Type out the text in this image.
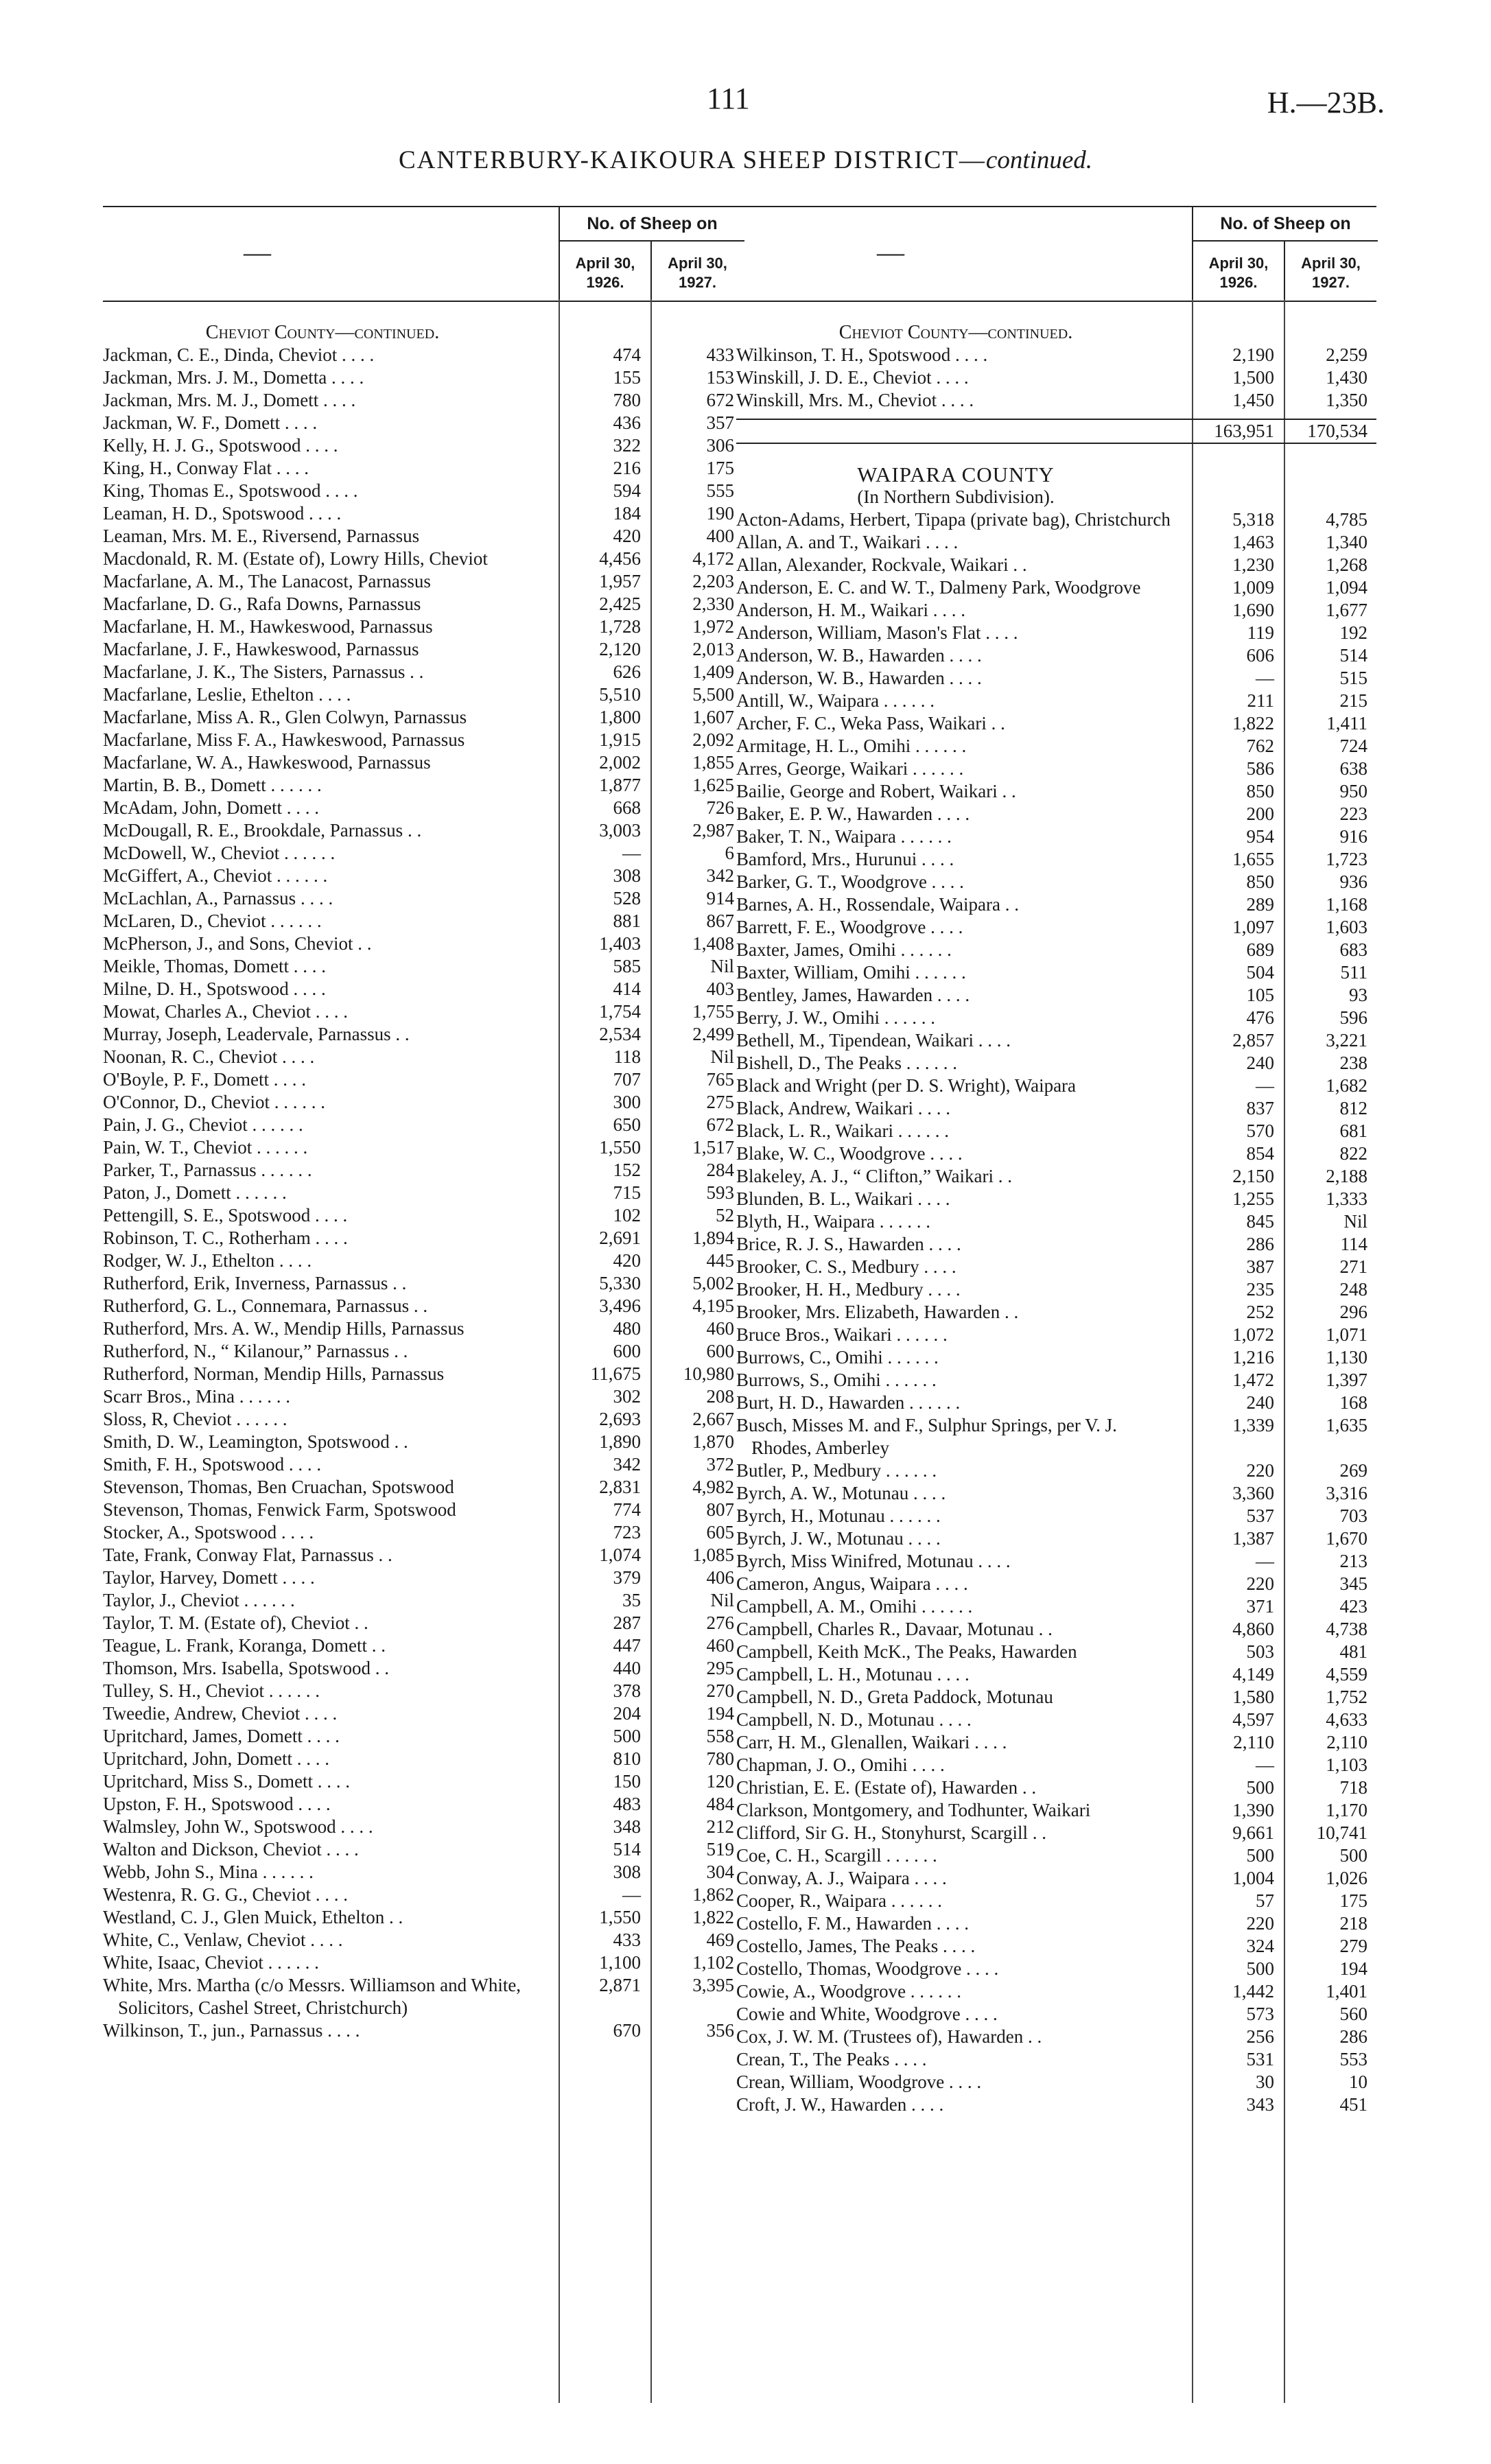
111	H.—23B.
CANTERBURY-KAIKOURA SHEEP DISTRICT—continued.
—
No. of Sheep on
April 30, 1926.
April 30, 1927.
Cheviot County—continued.
Jackman, C. E., Dinda, Cheviot . . . .	474	433
Jackman, Mrs. J. M., Dometta . . . .	155	153
Jackman, Mrs. M. J., Domett . . . .	780	672
Jackman, W. F., Domett . . . .	436	357
Kelly, H. J. G., Spotswood . . . .	322	306
King, H., Conway Flat . . . .	216	175
King, Thomas E., Spotswood . . . .	594	555
Leaman, H. D., Spotswood . . . .	184	190
Leaman, Mrs. M. E., Riversend, Parnassus	420	400
Macdonald, R. M. (Estate of), Lowry Hills, Cheviot	4,456	4,172
Macfarlane, A. M., The Lanacost, Parnassus	1,957	2,203
Macfarlane, D. G., Rafa Downs, Parnassus	2,425	2,330
Macfarlane, H. M., Hawkeswood, Parnassus	1,728	1,972
Macfarlane, J. F., Hawkeswood, Parnassus	2,120	2,013
Macfarlane, J. K., The Sisters, Parnassus . .	626	1,409
Macfarlane, Leslie, Ethelton . . . .	5,510	5,500
Macfarlane, Miss A. R., Glen Colwyn, Parnassus	1,800	1,607
Macfarlane, Miss F. A., Hawkeswood, Parnassus	1,915	2,092
Macfarlane, W. A., Hawkeswood, Parnassus	2,002	1,855
Martin, B. B., Domett . . . . . .	1,877	1,625
McAdam, John, Domett . . . .	668	726
McDougall, R. E., Brookdale, Parnassus . .	3,003	2,987
McDowell, W., Cheviot . . . . . .	—	6
McGiffert, A., Cheviot . . . . . .	308	342
McLachlan, A., Parnassus . . . .	528	914
McLaren, D., Cheviot . . . . . .	881	867
McPherson, J., and Sons, Cheviot . .	1,403	1,408
Meikle, Thomas, Domett . . . .	585	Nil
Milne, D. H., Spotswood . . . .	414	403
Mowat, Charles A., Cheviot . . . .	1,754	1,755
Murray, Joseph, Leadervale, Parnassus . .	2,534	2,499
Noonan, R. C., Cheviot . . . .	118	Nil
O'Boyle, P. F., Domett . . . .	707	765
O'Connor, D., Cheviot . . . . . .	300	275
Pain, J. G., Cheviot . . . . . .	650	672
Pain, W. T., Cheviot . . . . . .	1,550	1,517
Parker, T., Parnassus . . . . . .	152	284
Paton, J., Domett . . . . . .	715	593
Pettengill, S. E., Spotswood . . . .	102	52
Robinson, T. C., Rotherham . . . .	2,691	1,894
Rodger, W. J., Ethelton . . . .	420	445
Rutherford, Erik, Inverness, Parnassus . .	5,330	5,002
Rutherford, G. L., Connemara, Parnassus . .	3,496	4,195
Rutherford, Mrs. A. W., Mendip Hills, Parnassus	480	460
Rutherford, N., “ Kilanour,” Parnassus . .	600	600
Rutherford, Norman, Mendip Hills, Parnassus	11,675	10,980
Scarr Bros., Mina . . . . . .	302	208
Sloss, R, Cheviot . . . . . .	2,693	2,667
Smith, D. W., Leamington, Spotswood . .	1,890	1,870
Smith, F. H., Spotswood . . . .	342	372
Stevenson, Thomas, Ben Cruachan, Spotswood	2,831	4,982
Stevenson, Thomas, Fenwick Farm, Spotswood	774	807
Stocker, A., Spotswood . . . .	723	605
Tate, Frank, Conway Flat, Parnassus . .	1,074	1,085
Taylor, Harvey, Domett . . . .	379	406
Taylor, J., Cheviot . . . . . .	35	Nil
Taylor, T. M. (Estate of), Cheviot . .	287	276
Teague, L. Frank, Koranga, Domett . .	447	460
Thomson, Mrs. Isabella, Spotswood . .	440	295
Tulley, S. H., Cheviot . . . . . .	378	270
Tweedie, Andrew, Cheviot . . . .	204	194
Upritchard, James, Domett . . . .	500	558
Upritchard, John, Domett . . . .	810	780
Upritchard, Miss S., Domett . . . .	150	120
Upston, F. H., Spotswood . . . .	483	484
Walmsley, John W., Spotswood . . . .	348	212
Walton and Dickson, Cheviot . . . .	514	519
Webb, John S., Mina . . . . . .	308	304
Westenra, R. G. G., Cheviot . . . .	—	1,862
Westland, C. J., Glen Muick, Ethelton . .	1,550	1,822
White, C., Venlaw, Cheviot . . . .	433	469
White, Isaac, Cheviot . . . . . .	1,100	1,102
White, Mrs. Martha (c/o Messrs. Williamson and White, Solicitors, Cashel Street, Christchurch)
2,871	3,395
Wilkinson, T., jun., Parnassus . . . .	670	356
—
No. of Sheep on
April 30, 1926.
April 30, 1927.
Cheviot County—continued.
Wilkinson, T. H., Spotswood . . . .	2,190	2,259
Winskill, J. D. E., Cheviot . . . .	1,500	1,430
Winskill, Mrs. M., Cheviot . . . .	1,450	1,350

163,951	170,534
WAIPARA COUNTY
(In Northern Subdivision).
Acton-Adams, Herbert, Tipapa (private bag), Christchurch	5,318	4,785
Allan, A. and T., Waikari . . . .	1,463	1,340
Allan, Alexander, Rockvale, Waikari . .	1,230	1,268
Anderson, E. C. and W. T., Dalmeny Park, Woodgrove	1,009	1,094
Anderson, H. M., Waikari . . . .	1,690	1,677
Anderson, William, Mason's Flat . . . .	119	192
Anderson, W. B., Hawarden . . . .	606	514
Anderson, W. B., Hawarden . . . .	—	515
Antill, W., Waipara . . . . . .	211	215
Archer, F. C., Weka Pass, Waikari . .	1,822	1,411
Armitage, H. L., Omihi . . . . . .	762	724
Arres, George, Waikari . . . . . .	586	638
Bailie, George and Robert, Waikari . .	850	950
Baker, E. P. W., Hawarden . . . .	200	223
Baker, T. N., Waipara . . . . . .	954	916
Bamford, Mrs., Hurunui . . . .	1,655	1,723
Barker, G. T., Woodgrove . . . .	850	936
Barnes, A. H., Rossendale, Waipara . .	289	1,168
Barrett, F. E., Woodgrove . . . .	1,097	1,603
Baxter, James, Omihi . . . . . .	689	683
Baxter, William, Omihi . . . . . .	504	511
Bentley, James, Hawarden . . . .	105	93
Berry, J. W., Omihi . . . . . .	476	596
Bethell, M., Tipendean, Waikari . . . .	2,857	3,221
Bishell, D., The Peaks . . . . . .	240	238
Black and Wright (per D. S. Wright), Waipara	—	1,682
Black, Andrew, Waikari . . . .	837	812
Black, L. R., Waikari . . . . . .	570	681
Blake, W. C., Woodgrove . . . .	854	822
Blakeley, A. J., “ Clifton,” Waikari . .	2,150	2,188
Blunden, B. L., Waikari . . . .	1,255	1,333
Blyth, H., Waipara . . . . . .	845	Nil
Brice, R. J. S., Hawarden . . . .	286	114
Brooker, C. S., Medbury . . . .	387	271
Brooker, H. H., Medbury . . . .	235	248
Brooker, Mrs. Elizabeth, Hawarden . .	252	296
Bruce Bros., Waikari . . . . . .	1,072	1,071
Burrows, C., Omihi . . . . . .	1,216	1,130
Burrows, S., Omihi . . . . . .	1,472	1,397
Burt, H. D., Hawarden . . . . . .	240	168
Busch, Misses M. and F., Sulphur Springs, per V. J. Rhodes, Amberley
1,339	1,635
Butler, P., Medbury . . . . . .	220	269
Byrch, A. W., Motunau . . . .	3,360	3,316
Byrch, H., Motunau . . . . . .	537	703
Byrch, J. W., Motunau . . . .	1,387	1,670
Byrch, Miss Winifred, Motunau . . . .	—	213
Cameron, Angus, Waipara . . . .	220	345
Campbell, A. M., Omihi . . . . . .	371	423
Campbell, Charles R., Davaar, Motunau . .	4,860	4,738
Campbell, Keith McK., The Peaks, Hawarden	503	481
Campbell, L. H., Motunau . . . .	4,149	4,559
Campbell, N. D., Greta Paddock, Motunau	1,580	1,752
Campbell, N. D., Motunau . . . .	4,597	4,633
Carr, H. M., Glenallen, Waikari . . . .	2,110	2,110
Chapman, J. O., Omihi . . . .	—	1,103
Christian, E. E. (Estate of), Hawarden . .	500	718
Clarkson, Montgomery, and Todhunter, Waikari	1,390	1,170
Clifford, Sir G. H., Stonyhurst, Scargill . .	9,661	10,741
Coe, C. H., Scargill . . . . . .	500	500
Conway, A. J., Waipara . . . .	1,004	1,026
Cooper, R., Waipara . . . . . .	57	175
Costello, F. M., Hawarden . . . .	220	218
Costello, James, The Peaks . . . .	324	279
Costello, Thomas, Woodgrove . . . .	500	194
Cowie, A., Woodgrove . . . . . .	1,442	1,401
Cowie and White, Woodgrove . . . .	573	560
Cox, J. W. M. (Trustees of), Hawarden . .	256	286
Crean, T., The Peaks . . . .	531	553
Crean, William, Woodgrove . . . .	30	10
Croft, J. W., Hawarden . . . .	343	451
